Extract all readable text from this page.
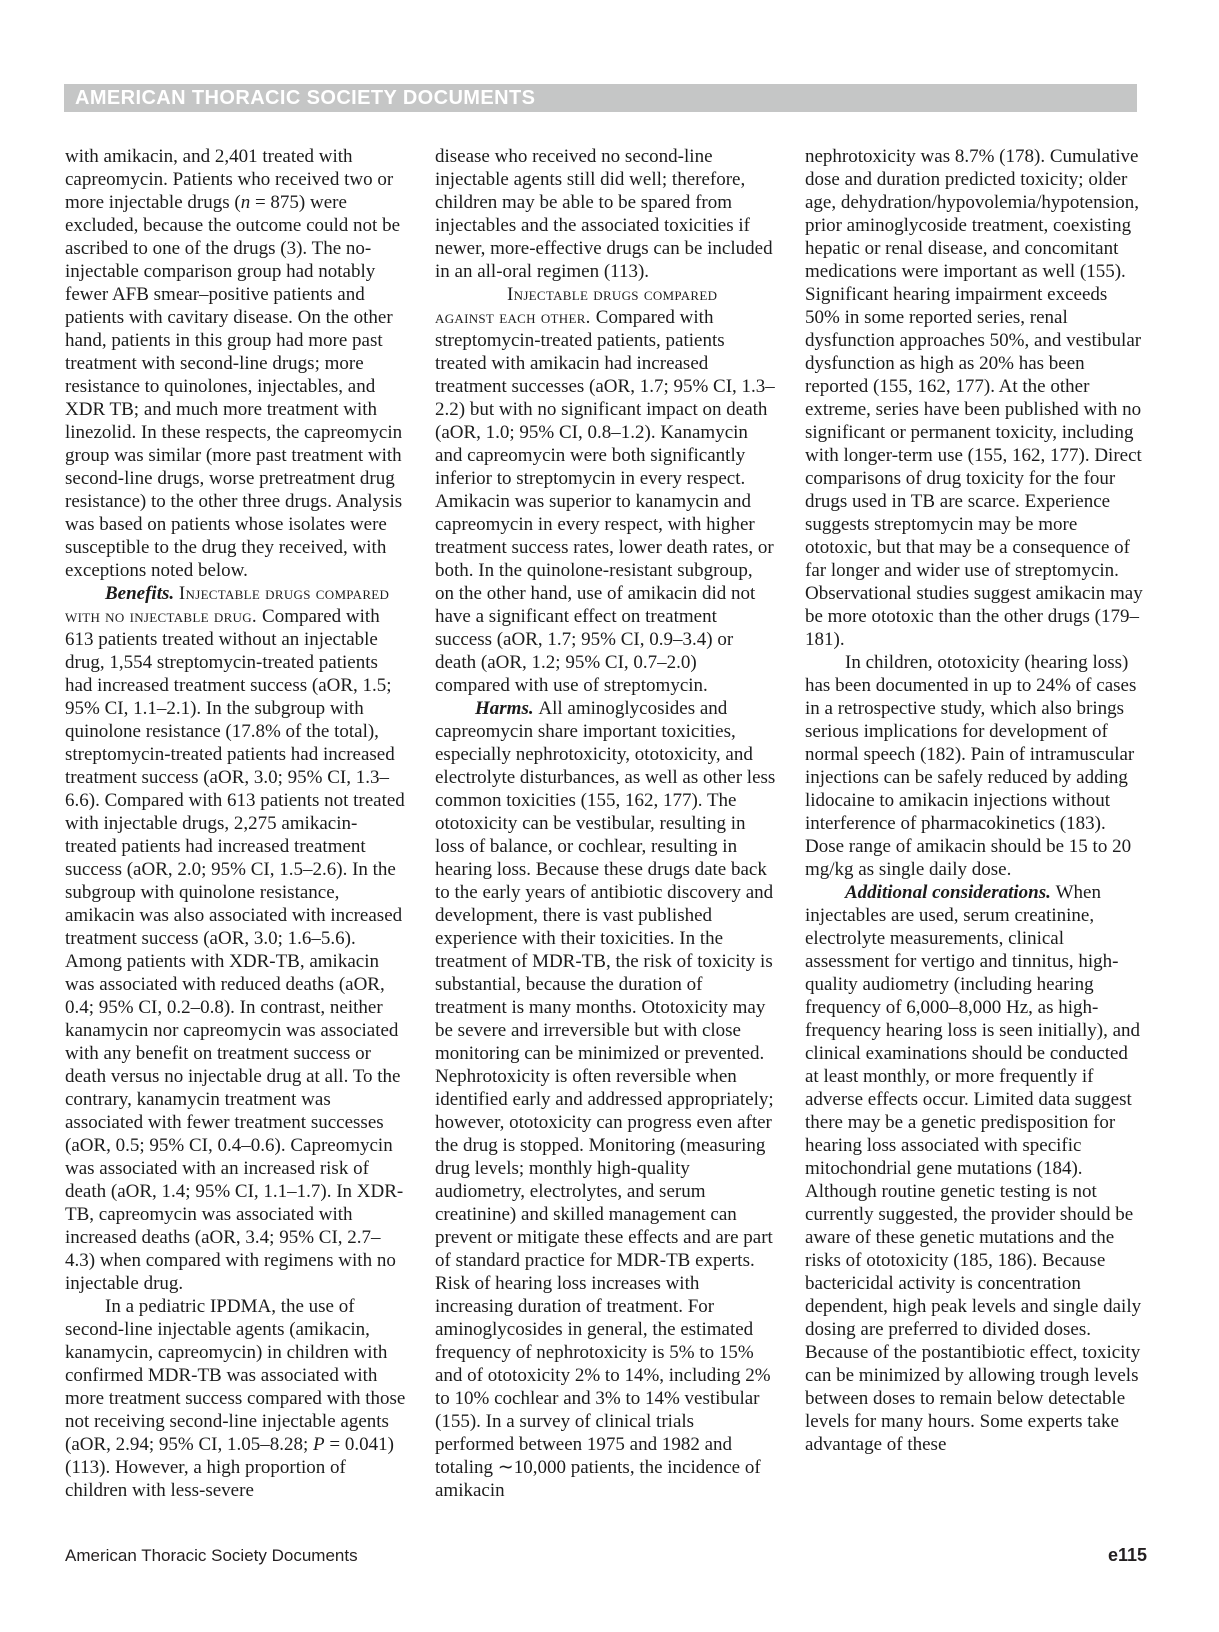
AMERICAN THORACIC SOCIETY DOCUMENTS

with amikacin, and 2,401 treated with capreomycin. Patients who received two or more injectable drugs (n = 875) were excluded, because the outcome could not be ascribed to one of the drugs (3). The no-injectable comparison group had notably fewer AFB smear–positive patients and patients with cavitary disease. On the other hand, patients in this group had more past treatment with second-line drugs; more resistance to quinolones, injectables, and XDR TB; and much more treatment with linezolid. In these respects, the capreomycin group was similar (more past treatment with second-line drugs, worse pretreatment drug resistance) to the other three drugs. Analysis was based on patients whose isolates were susceptible to the drug they received, with exceptions noted below.

Benefits. Injectable drugs compared with no injectable drug. Compared with 613 patients treated without an injectable drug, 1,554 streptomycin-treated patients had increased treatment success (aOR, 1.5; 95% CI, 1.1–2.1). In the subgroup with quinolone resistance (17.8% of the total), streptomycin-treated patients had increased treatment success (aOR, 3.0; 95% CI, 1.3–6.6). Compared with 613 patients not treated with injectable drugs, 2,275 amikacin-treated patients had increased treatment success (aOR, 2.0; 95% CI, 1.5–2.6). In the subgroup with quinolone resistance, amikacin was also associated with increased treatment success (aOR, 3.0; 1.6–5.6). Among patients with XDR-TB, amikacin was associated with reduced deaths (aOR, 0.4; 95% CI, 0.2–0.8). In contrast, neither kanamycin nor capreomycin was associated with any benefit on treatment success or death versus no injectable drug at all. To the contrary, kanamycin treatment was associated with fewer treatment successes (aOR, 0.5; 95% CI, 0.4–0.6). Capreomycin was associated with an increased risk of death (aOR, 1.4; 95% CI, 1.1–1.7). In XDR-TB, capreomycin was associated with increased deaths (aOR, 3.4; 95% CI, 2.7–4.3) when compared with regimens with no injectable drug.

In a pediatric IPDMA, the use of second-line injectable agents (amikacin, kanamycin, capreomycin) in children with confirmed MDR-TB was associated with more treatment success compared with those not receiving second-line injectable agents (aOR, 2.94; 95% CI, 1.05–8.28; P = 0.041) (113). However, a high proportion of children with less-severe

disease who received no second-line injectable agents still did well; therefore, children may be able to be spared from injectables and the associated toxicities if newer, more-effective drugs can be included in an all-oral regimen (113).

Injectable drugs compared against each other. Compared with streptomycin-treated patients, patients treated with amikacin had increased treatment successes (aOR, 1.7; 95% CI, 1.3–2.2) but with no significant impact on death (aOR, 1.0; 95% CI, 0.8–1.2). Kanamycin and capreomycin were both significantly inferior to streptomycin in every respect. Amikacin was superior to kanamycin and capreomycin in every respect, with higher treatment success rates, lower death rates, or both. In the quinolone-resistant subgroup, on the other hand, use of amikacin did not have a significant effect on treatment success (aOR, 1.7; 95% CI, 0.9–3.4) or death (aOR, 1.2; 95% CI, 0.7–2.0) compared with use of streptomycin.

Harms. All aminoglycosides and capreomycin share important toxicities, especially nephrotoxicity, ototoxicity, and electrolyte disturbances, as well as other less common toxicities (155, 162, 177). The ototoxicity can be vestibular, resulting in loss of balance, or cochlear, resulting in hearing loss. Because these drugs date back to the early years of antibiotic discovery and development, there is vast published experience with their toxicities. In the treatment of MDR-TB, the risk of toxicity is substantial, because the duration of treatment is many months. Ototoxicity may be severe and irreversible but with close monitoring can be minimized or prevented. Nephrotoxicity is often reversible when identified early and addressed appropriately; however, ototoxicity can progress even after the drug is stopped. Monitoring (measuring drug levels; monthly high-quality audiometry, electrolytes, and serum creatinine) and skilled management can prevent or mitigate these effects and are part of standard practice for MDR-TB experts. Risk of hearing loss increases with increasing duration of treatment. For aminoglycosides in general, the estimated frequency of nephrotoxicity is 5% to 15% and of ototoxicity 2% to 14%, including 2% to 10% cochlear and 3% to 14% vestibular (155). In a survey of clinical trials performed between 1975 and 1982 and totaling ∼10,000 patients, the incidence of amikacin

nephrotoxicity was 8.7% (178). Cumulative dose and duration predicted toxicity; older age, dehydration/hypovolemia/hypotension, prior aminoglycoside treatment, coexisting hepatic or renal disease, and concomitant medications were important as well (155). Significant hearing impairment exceeds 50% in some reported series, renal dysfunction approaches 50%, and vestibular dysfunction as high as 20% has been reported (155, 162, 177). At the other extreme, series have been published with no significant or permanent toxicity, including with longer-term use (155, 162, 177). Direct comparisons of drug toxicity for the four drugs used in TB are scarce. Experience suggests streptomycin may be more ototoxic, but that may be a consequence of far longer and wider use of streptomycin. Observational studies suggest amikacin may be more ototoxic than the other drugs (179–181).

In children, ototoxicity (hearing loss) has been documented in up to 24% of cases in a retrospective study, which also brings serious implications for development of normal speech (182). Pain of intramuscular injections can be safely reduced by adding lidocaine to amikacin injections without interference of pharmacokinetics (183). Dose range of amikacin should be 15 to 20 mg/kg as single daily dose.

Additional considerations. When injectables are used, serum creatinine, electrolyte measurements, clinical assessment for vertigo and tinnitus, high-quality audiometry (including hearing frequency of 6,000–8,000 Hz, as high-frequency hearing loss is seen initially), and clinical examinations should be conducted at least monthly, or more frequently if adverse effects occur. Limited data suggest there may be a genetic predisposition for hearing loss associated with specific mitochondrial gene mutations (184). Although routine genetic testing is not currently suggested, the provider should be aware of these genetic mutations and the risks of ototoxicity (185, 186). Because bactericidal activity is concentration dependent, high peak levels and single daily dosing are preferred to divided doses. Because of the postantibiotic effect, toxicity can be minimized by allowing trough levels between doses to remain below detectable levels for many hours. Some experts take advantage of these

American Thoracic Society Documents	e115
